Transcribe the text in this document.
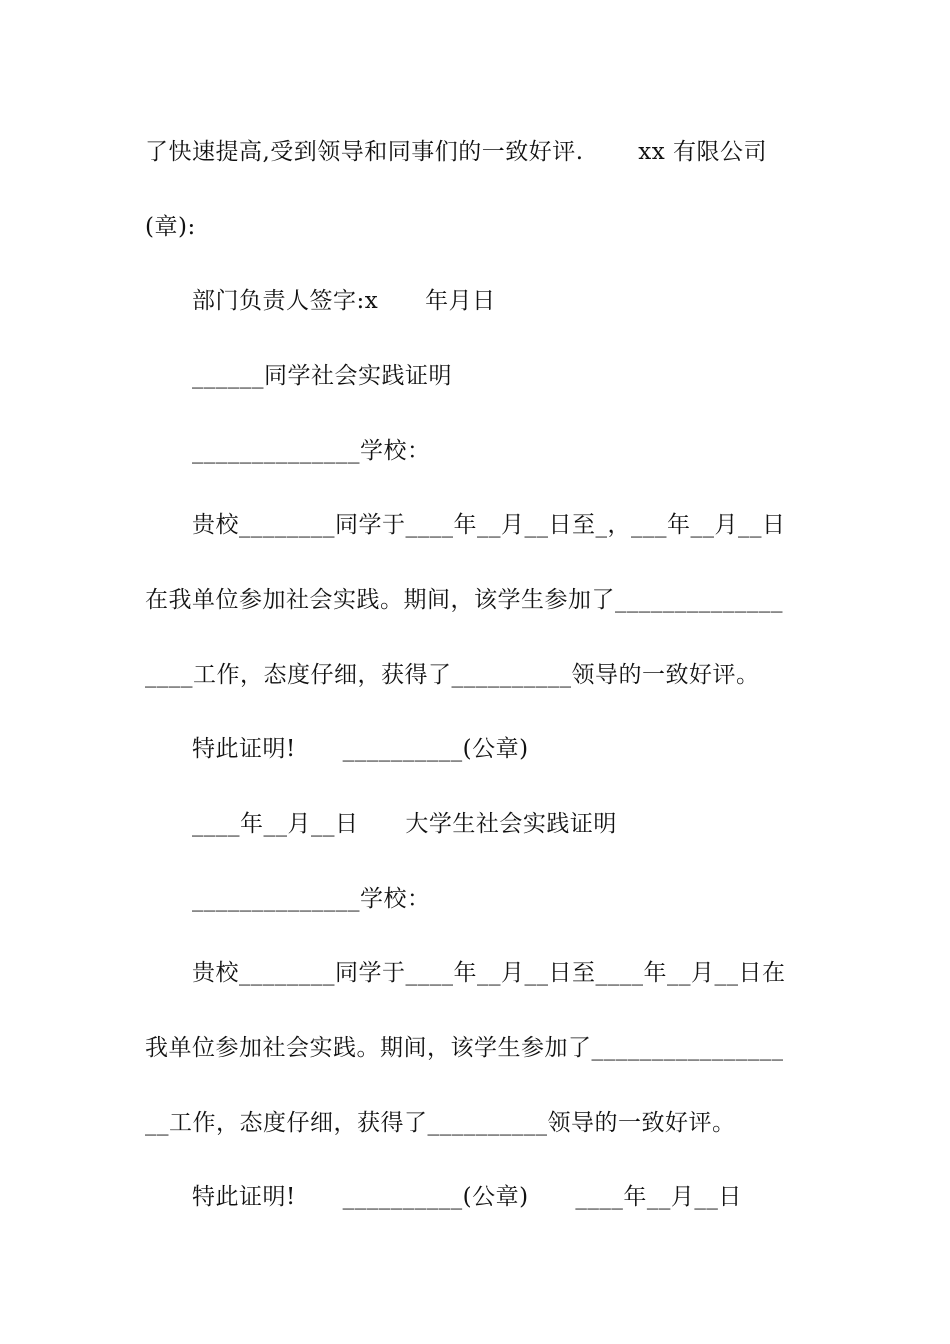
了快速提高,受到领导和同事们的一致好评.       xx 有限公司
(章):
部门负责人签字:x      年月日
______同学社会实践证明
______________学校：
贵校________同学于____年__月__日至_，___年__月__日
在我单位参加社会实践。期间，该学生参加了______________
____工作，态度仔细，获得了__________领导的一致好评。
特此证明!      __________(公章)
____年__月__日      大学生社会实践证明
______________学校：
贵校________同学于____年__月__日至____年__月__日在
我单位参加社会实践。期间，该学生参加了________________
__工作，态度仔细，获得了__________领导的一致好评。
特此证明!      __________(公章)      ____年__月__日
